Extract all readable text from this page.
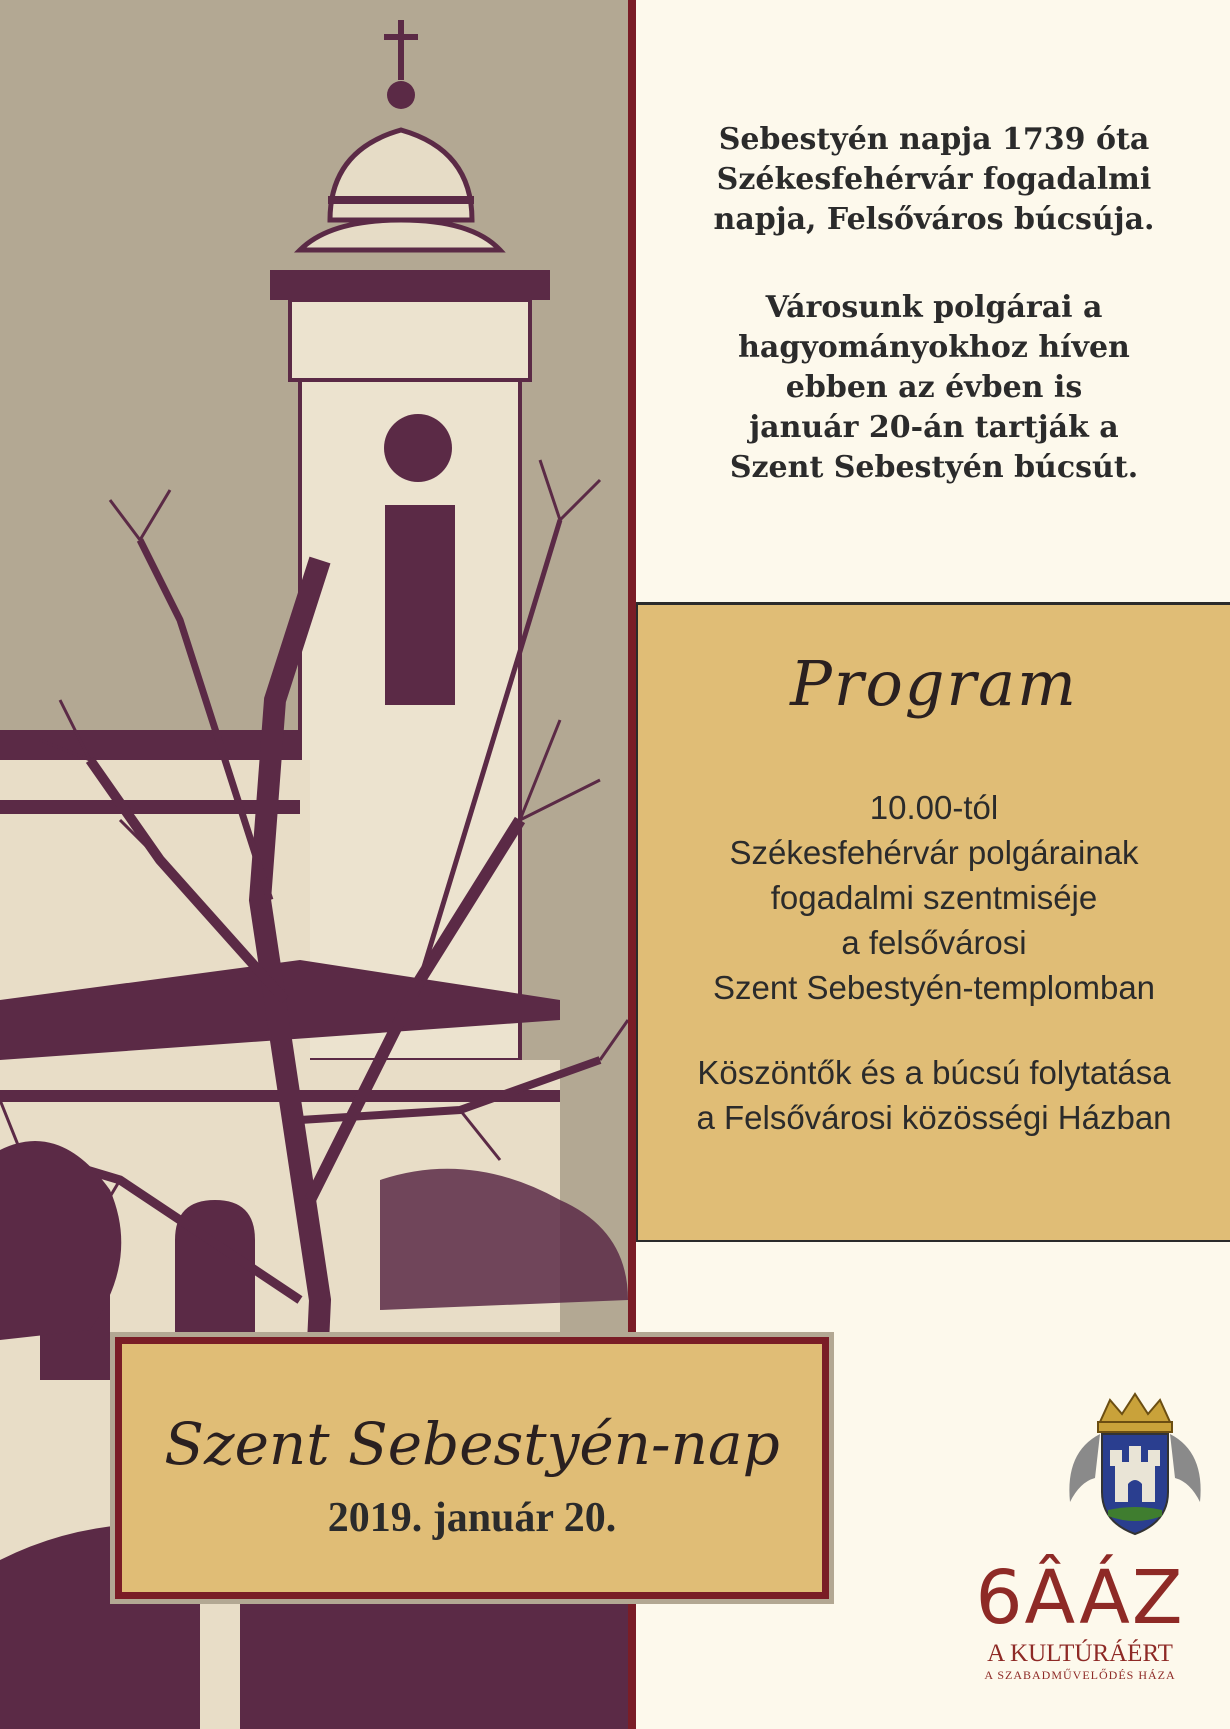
Sebestyén napja 1739 óta
Székesfehérvár fogadalmi
napja, Felsőváros búcsúja.

Városunk polgárai a
hagyományokhoz híven
ebben az évben is
január 20-án tartják a
Szent Sebestyén búcsút.

Program

10.00-tól
Székesfehérvár polgárainak
fogadalmi szentmiséje
a felsővárosi
Szent Sebestyén-templomban

Köszöntők és a búcsú folytatása
a Felsővárosi közösségi Házban

Szent Sebestyén-nap
2019. január 20.
6ÂÁZ
A KULTÚRÁÉRT
A SZABADMŰVELŐDÉS HÁZA
